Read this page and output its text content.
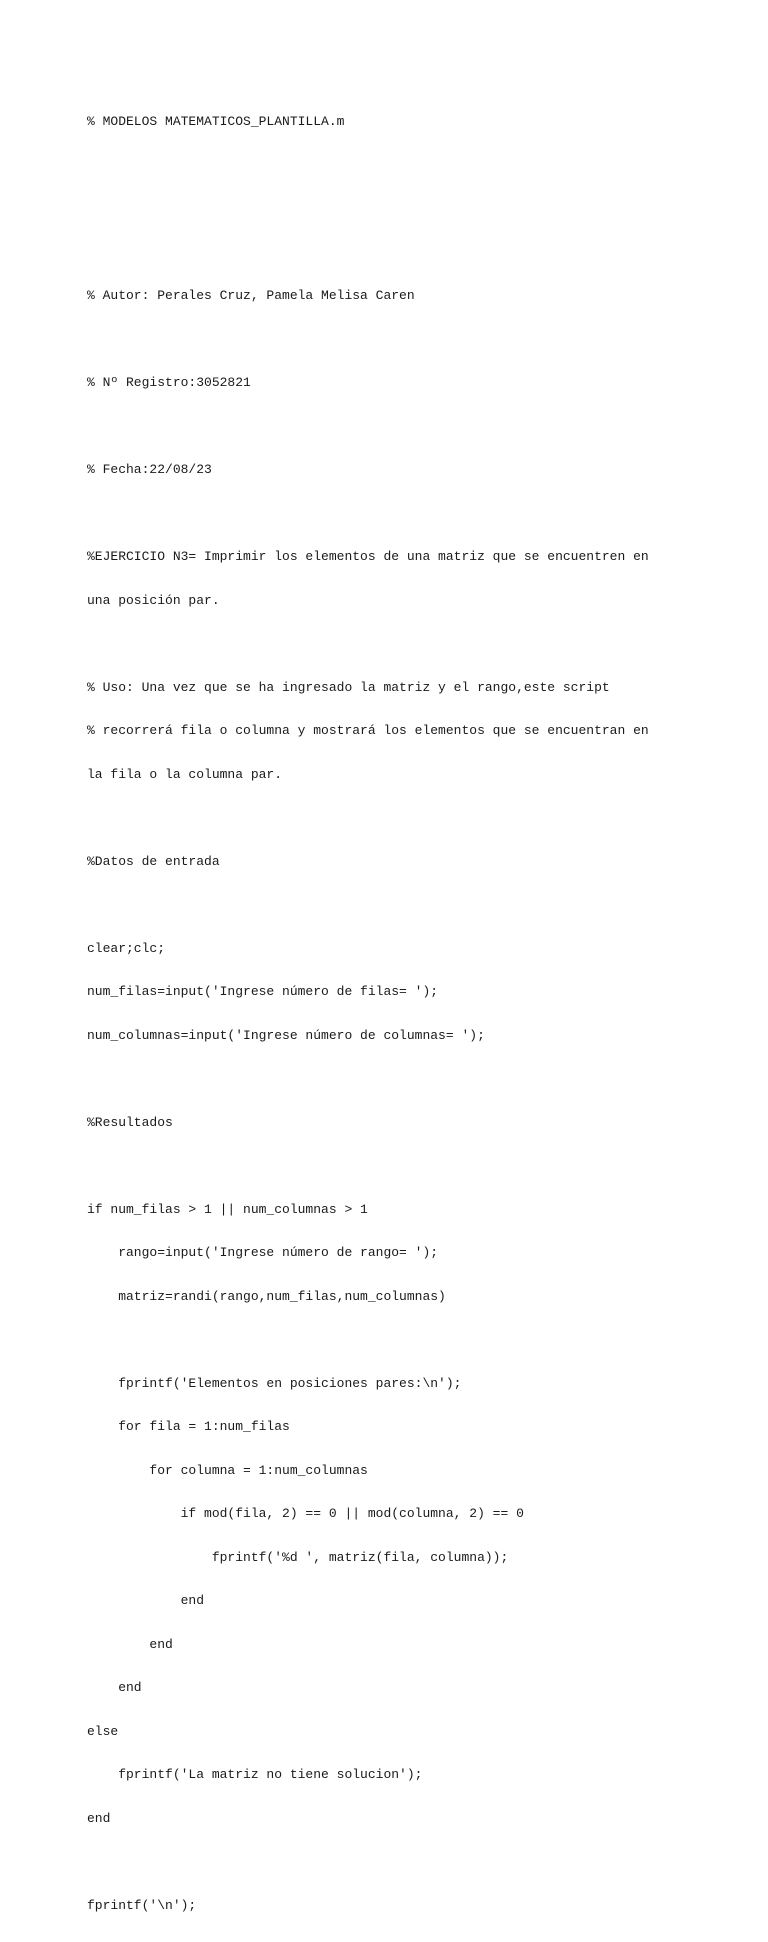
% MODELOS MATEMATICOS_PLANTILLA.m

% Autor: Perales Cruz, Pamela Melisa Caren

% Nº Registro:3052821

% Fecha:22/08/23

%EJERCICIO N3= Imprimir los elementos de una matriz que se encuentren en

una posición par.

% Uso: Una vez que se ha ingresado la matriz y el rango,este script

% recorrerá fila o columna y mostrará los elementos que se encuentran en

la fila o la columna par.

%Datos de entrada

clear;clc;

num_filas=input('Ingrese número de filas= ');

num_columnas=input('Ingrese número de columnas= ');

%Resultados

if num_filas > 1 || num_columnas > 1

rango=input('Ingrese número de rango= ');

matriz=randi(rango,num_filas,num_columnas)

fprintf('Elementos en posiciones pares:\n');

for fila = 1:num_filas

for columna = 1:num_columnas

if mod(fila, 2) == 0 || mod(columna, 2) == 0

fprintf('%d ', matriz(fila, columna));

end

end

end

else

fprintf('La matriz no tiene solucion');

end

fprintf('\n');
